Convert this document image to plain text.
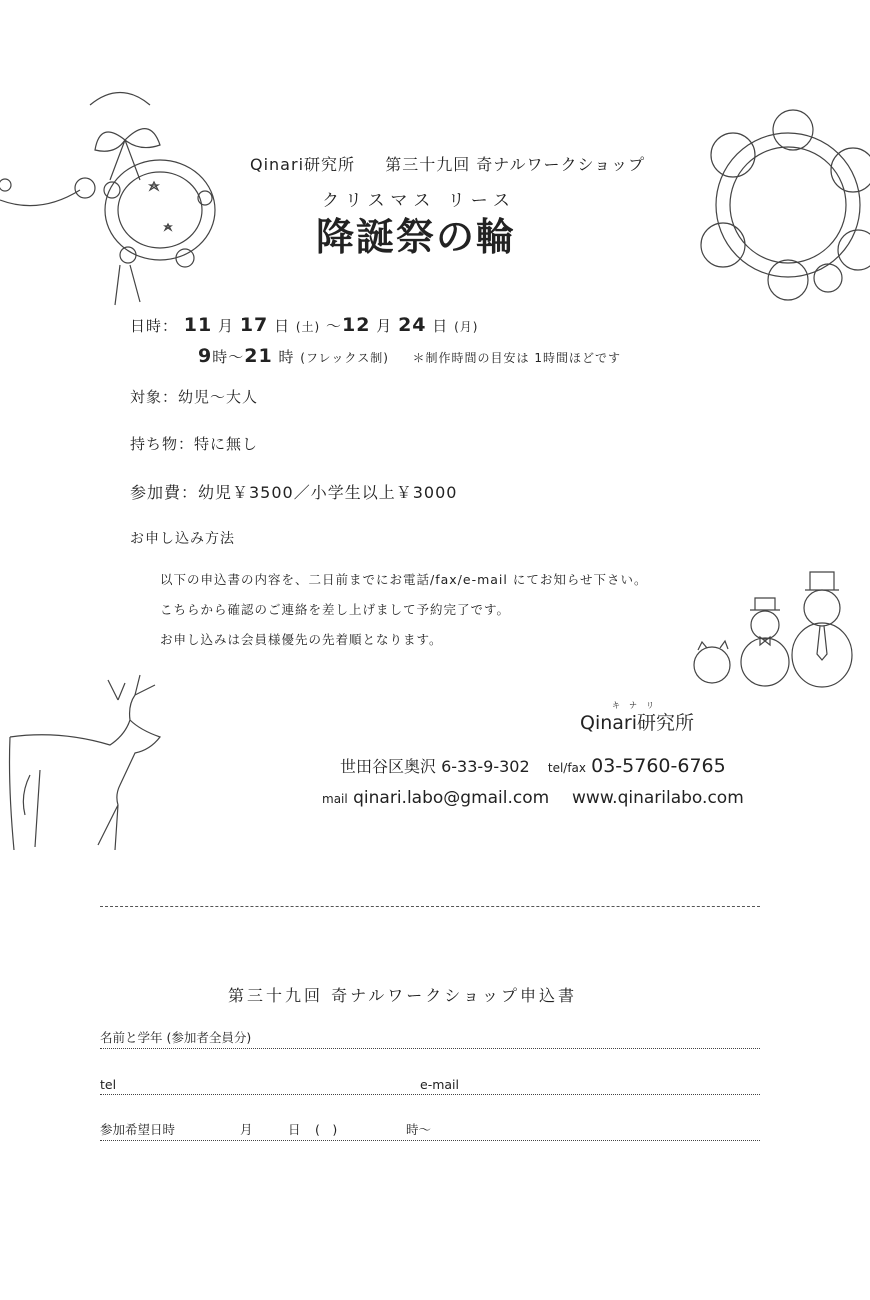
Qinari研究所 第三十九回 奇ナルワークショップ
クリスマス リース
降誕祭の輪
日時： 11 月 17 日 (土) ～12 月 24 日 (月)
9時～21 時 (フレックス制) ＊制作時間の目安は 1時間ほどです
対象：幼児～大人
持ち物：特に無し
参加費：幼児￥3500／小学生以上￥3000
お申し込み方法
以下の申込書の内容を、二日前までにお電話/fax/e-mail にてお知らせ下さい。
こちらから確認のご連絡を差し上げまして予約完了です。
お申し込みは会員様優先の先着順となります。
キナリ
Qinari研究所
世田谷区奥沢 6-33-9-302 tel/fax 03-5760-6765
mail qinari.labo@gmail.com www.qinarilabo.com
第三十九回 奇ナルワークショップ申込書
名前と学年 (参加者全員分)
tel	e-mail
参加希望日時	月	日 (　)	時～
